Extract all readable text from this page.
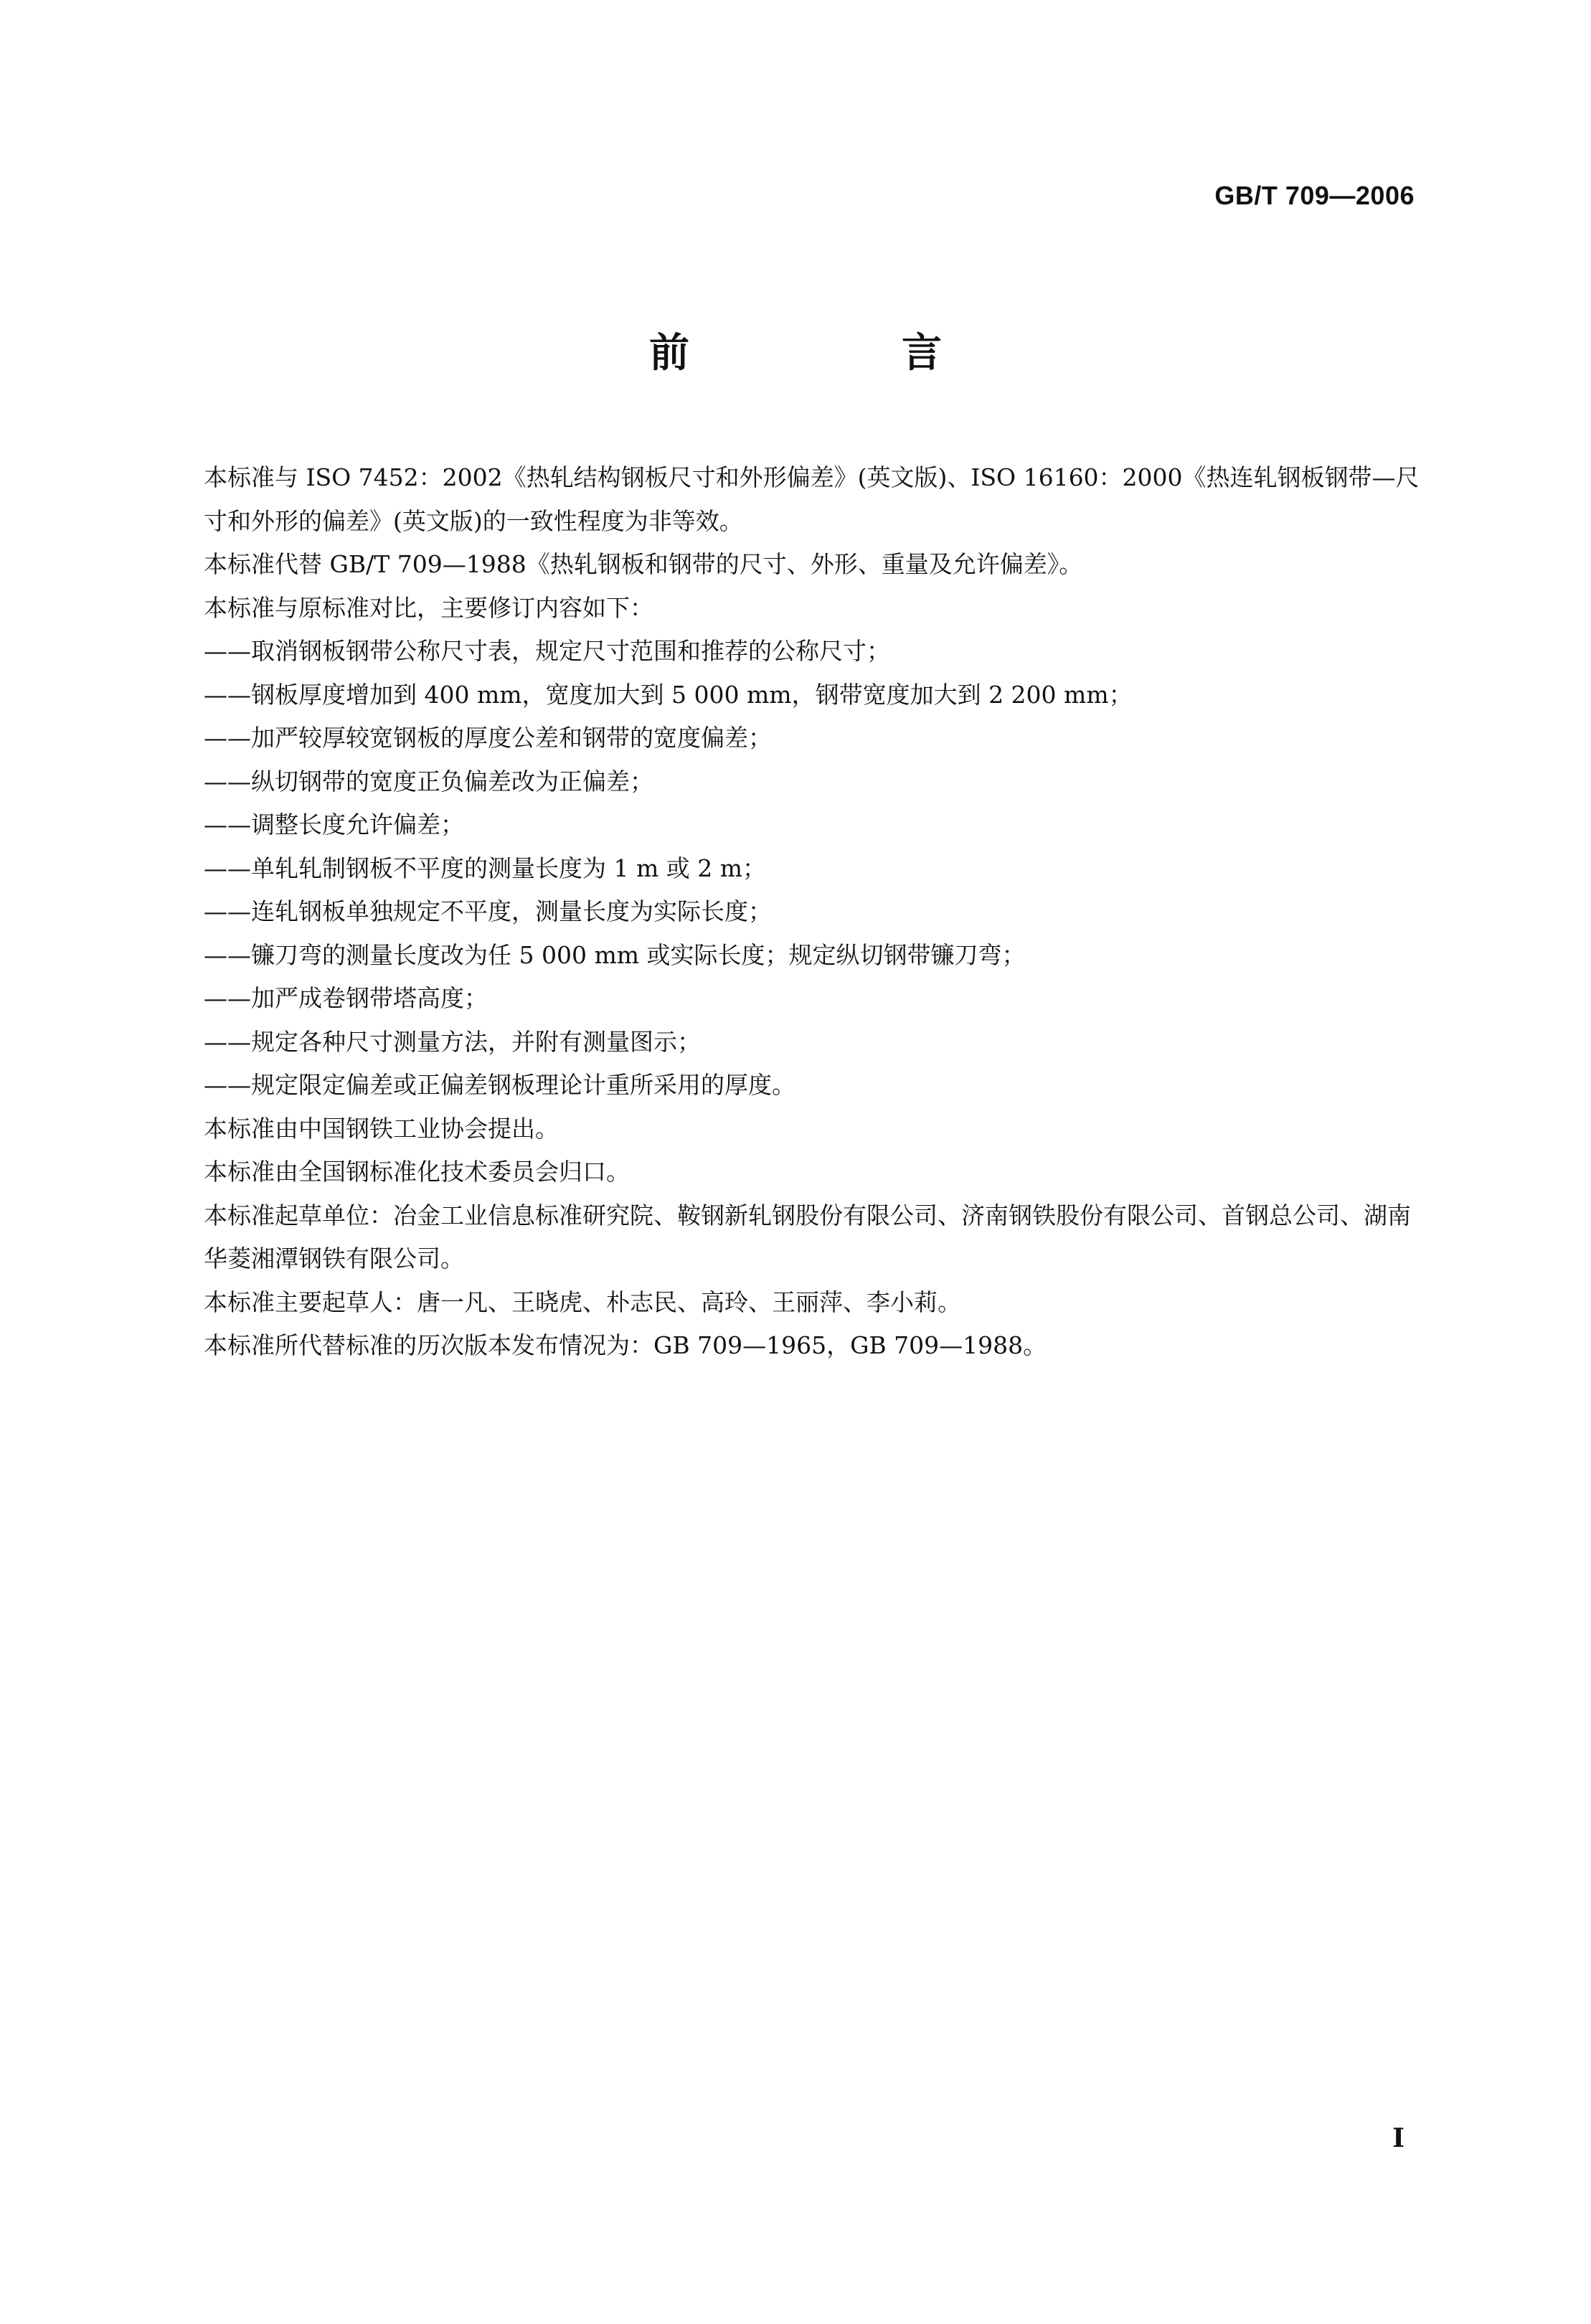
GB/T 709—2006
前　言

本标准与 ISO 7452：2002《热轧结构钢板尺寸和外形偏差》(英文版)、ISO 16160：2000《热连轧钢板钢带—尺寸和外形的偏差》(英文版)的一致性程度为非等效。

本标准代替 GB/T 709—1988《热轧钢板和钢带的尺寸、外形、重量及允许偏差》。

本标准与原标准对比，主要修订内容如下：

——取消钢板钢带公称尺寸表，规定尺寸范围和推荐的公称尺寸；

——钢板厚度增加到 400 mm，宽度加大到 5 000 mm，钢带宽度加大到 2 200 mm；

——加严较厚较宽钢板的厚度公差和钢带的宽度偏差；

——纵切钢带的宽度正负偏差改为正偏差；

——调整长度允许偏差；

——单轧轧制钢板不平度的测量长度为 1 m 或 2 m；

——连轧钢板单独规定不平度，测量长度为实际长度；

——镰刀弯的测量长度改为任 5 000 mm 或实际长度；规定纵切钢带镰刀弯；

——加严成卷钢带塔高度；

——规定各种尺寸测量方法，并附有测量图示；

——规定限定偏差或正偏差钢板理论计重所采用的厚度。

本标准由中国钢铁工业协会提出。

本标准由全国钢标准化技术委员会归口。

本标准起草单位：冶金工业信息标准研究院、鞍钢新轧钢股份有限公司、济南钢铁股份有限公司、首钢总公司、湖南华菱湘潭钢铁有限公司。

本标准主要起草人：唐一凡、王晓虎、朴志民、高玲、王丽萍、李小莉。

本标准所代替标准的历次版本发布情况为：GB 709—1965，GB 709—1988。

I
